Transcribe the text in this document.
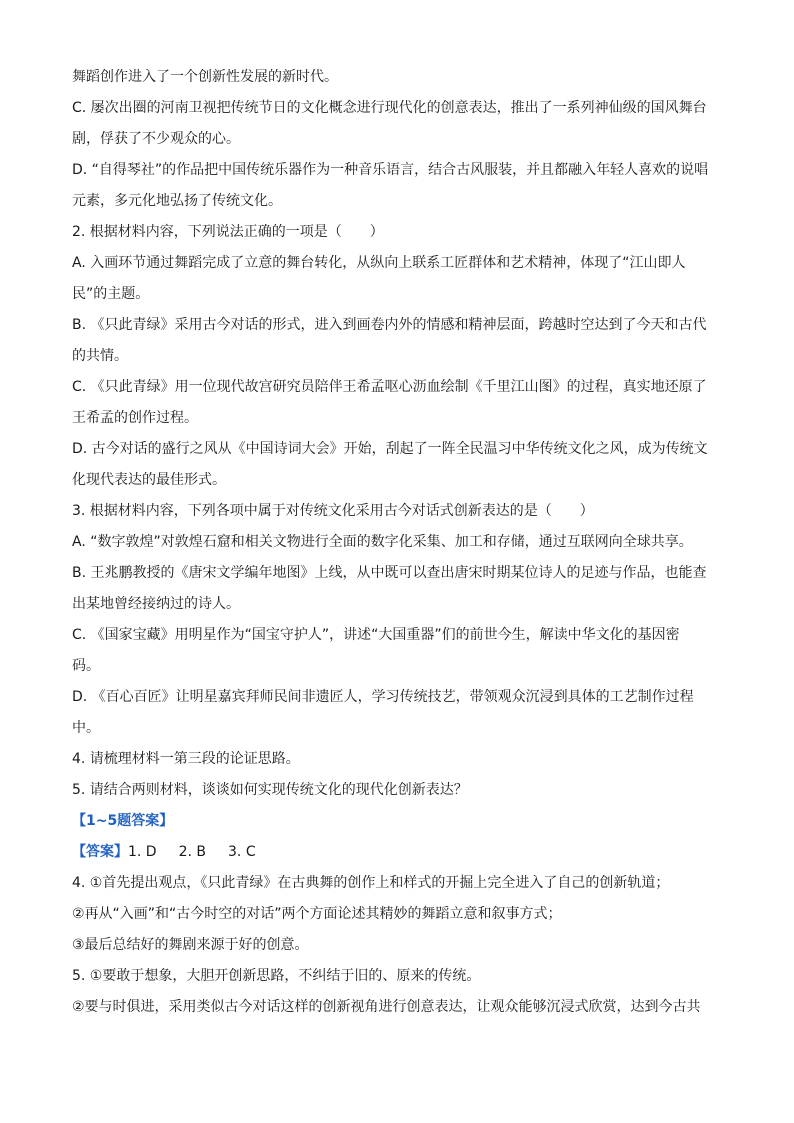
舞蹈创作进入了一个创新性发展的新时代。
C. 屡次出圈的河南卫视把传统节日的文化概念进行现代化的创意表达，推出了一系列神仙级的国风舞台
剧，俘获了不少观众的心。
D. “自得琴社”的作品把中国传统乐器作为一种音乐语言，结合古风服装，并且都融入年轻人喜欢的说唱
元素，多元化地弘扬了传统文化。
2. 根据材料内容，下列说法正确的一项是（　　）
A. 入画环节通过舞蹈完成了立意的舞台转化，从纵向上联系工匠群体和艺术精神，体现了“江山即人
民”的主题。
B. 《只此青绿》采用古今对话的形式，进入到画卷内外的情感和精神层面，跨越时空达到了今天和古代
的共情。
C. 《只此青绿》用一位现代故宫研究员陪伴王希孟呕心沥血绘制《千里江山图》的过程，真实地还原了
王希孟的创作过程。
D. 古今对话的盛行之风从《中国诗词大会》开始，刮起了一阵全民温习中华传统文化之风，成为传统文
化现代表达的最佳形式。
3. 根据材料内容，下列各项中属于对传统文化采用古今对话式创新表达的是（　　）
A. “数字敦煌”对敦煌石窟和相关文物进行全面的数字化采集、加工和存储，通过互联网向全球共享。
B. 王兆鹏教授的《唐宋文学编年地图》上线，从中既可以查出唐宋时期某位诗人的足迹与作品，也能查
出某地曾经接纳过的诗人。
C. 《国家宝藏》用明星作为“国宝守护人”，讲述“大国重器”们的前世今生，解读中华文化的基因密
码。
D. 《百心百匠》让明星嘉宾拜师民间非遗匠人，学习传统技艺，带领观众沉浸到具体的工艺制作过程
中。
4. 请梳理材料一第三段的论证思路。
5. 请结合两则材料，谈谈如何实现传统文化的现代化创新表达？
【1~5题答案】
【答案】1. D 2. B 3. C
4. ①首先提出观点，《只此青绿》在古典舞的创作上和样式的开掘上完全进入了自己的创新轨道；
②再从“入画”和“古今时空的对话”两个方面论述其精妙的舞蹈立意和叙事方式；
③最后总结好的舞剧来源于好的创意。
5. ①要敢于想象，大胆开创新思路，不纠结于旧的、原来的传统。
②要与时俱进，采用类似古今对话这样的创新视角进行创意表达，让观众能够沉浸式欣赏，达到今古共
